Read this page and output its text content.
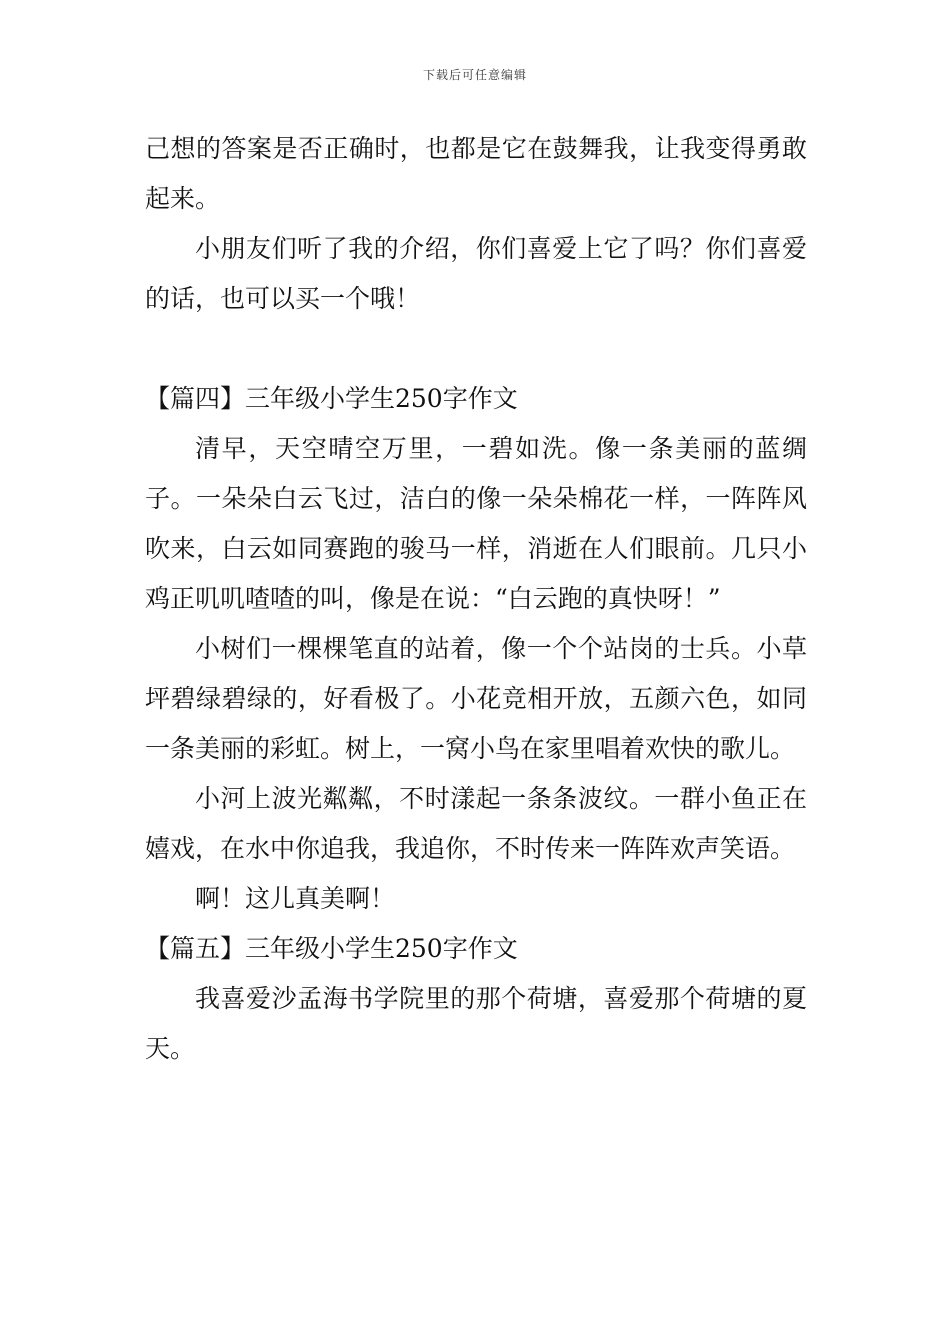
下载后可任意编辑

己想的答案是否正确时，也都是它在鼓舞我，让我变得勇敢起来。

小朋友们听了我的介绍，你们喜爱上它了吗？你们喜爱的话，也可以买一个哦！

【篇四】三年级小学生250字作文

清早，天空晴空万里，一碧如洗。像一条美丽的蓝绸子。一朵朵白云飞过，洁白的像一朵朵棉花一样，一阵阵风吹来，白云如同赛跑的骏马一样，消逝在人们眼前。几只小鸡正叽叽喳喳的叫，像是在说：“白云跑的真快呀！”

小树们一棵棵笔直的站着，像一个个站岗的士兵。小草坪碧绿碧绿的，好看极了。小花竞相开放，五颜六色，如同一条美丽的彩虹。树上，一窝小鸟在家里唱着欢快的歌儿。

小河上波光粼粼，不时漾起一条条波纹。一群小鱼正在嬉戏，在水中你追我，我追你，不时传来一阵阵欢声笑语。

啊！这儿真美啊！

【篇五】三年级小学生250字作文

我喜爱沙孟海书学院里的那个荷塘，喜爱那个荷塘的夏天。
